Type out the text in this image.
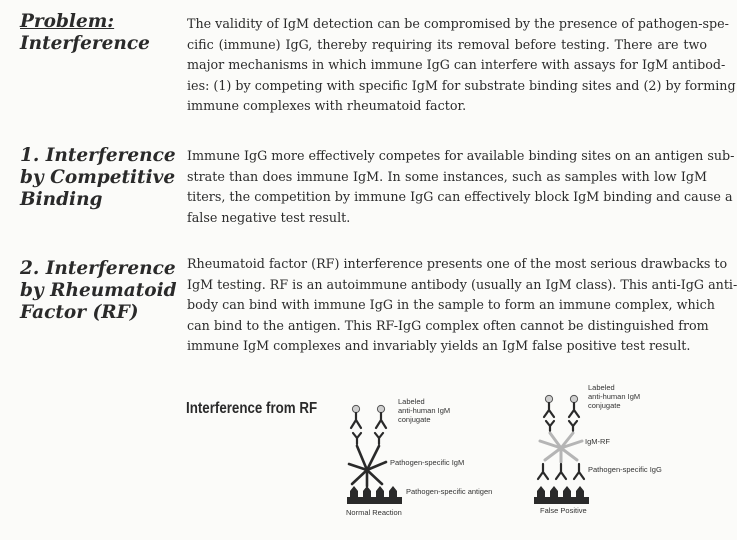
Problem:
Interference
1. Interference
by Competitive
Binding
2. Interference
by Rheumatoid
Factor (RF)

The validity of IgM detection can be compromised by the presence of pathogen-spe-
cific (immune) IgG, thereby requiring its removal before testing. There are two
major mechanisms in which immune IgG can interfere with assays for IgM antibod-
ies: (1) by competing with specific IgM for substrate binding sites and (2) by forming
immune complexes with rheumatoid factor.

Immune IgG more effectively competes for available binding sites on an antigen sub-
strate than does immune IgM. In some instances, such as samples with low IgM
titers, the competition by immune IgG can effectively block IgM binding and cause a
false negative test result.

Rheumatoid factor (RF) interference presents one of the most serious drawbacks to
IgM testing. RF is an autoimmune antibody (usually an IgM class). This anti-IgG anti-
body can bind with immune IgG in the sample to form an immune complex, which
can bind to the antigen. This RF-IgG complex often cannot be distinguished from
immune IgM complexes and invariably yields an IgM false positive test result.

Interference from RF	Labeled
anti-human IgM
conjugate
Pathogen-specific IgM
Pathogen-specific antigen
Normal Reaction
Labeled
anti-human IgM
conjugate
IgM-RF
Pathogen-specific IgG
False Positive
